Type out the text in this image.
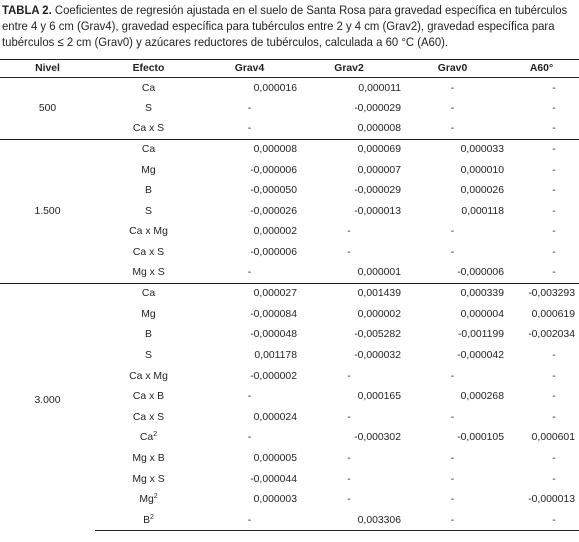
TABLA 2. Coeficientes de regresión ajustada en el suelo de Santa Rosa para gravedad específica en tubérculos entre 4 y 6 cm (Grav4), gravedad específica para tubérculos entre 2 y 4 cm (Grav2), gravedad específica para tubérculos ≤ 2 cm (Grav0) y azúcares reductores de tubérculos, calculada a 60 °C (A60).
Nivel	Efecto	Grav4	Grav2	Grav0	A60°
500	Ca	0,000016	0,000011	-	-
	S	-	-0,000029	-	-
	Ca x S	-	0,000008	-	-
1.500	Ca	0,000008	0,000069	0,000033	-
	Mg	-0,000006	0,000007	0,000010	-
	B	-0,000050	-0,000029	0,000026	-
	S	-0,000026	-0,000013	0,000118	-
	Ca x Mg	0,000002	-	-	-
	Ca x S	-0,000006	-	-	-
	Mg x S	-	0,000001	-0,000006	-
3.000	Ca	0,000027	0,001439	0,000339	-0,003293
	Mg	-0,000084	0,000002	0,000004	0,000619
	B	-0,000048	-0,005282	-0,001199	-0,002034
	S	0,001178	-0,000032	-0,000042	-
	Ca x Mg	-0,000002	-	-	-
	Ca x B	-	0,000165	0,000268	-
	Ca x S	0,000024	-	-	-
	Ca$^2$	-	-0,000302	-0,000105	0,000601
	Mg x B	0,000005	-	-	-
	Mg x S	-0,000044	-	-	-
	Mg$^2$	0,000003	-	-	-0,000013
	$B^2$	-	0,003306	-	-
